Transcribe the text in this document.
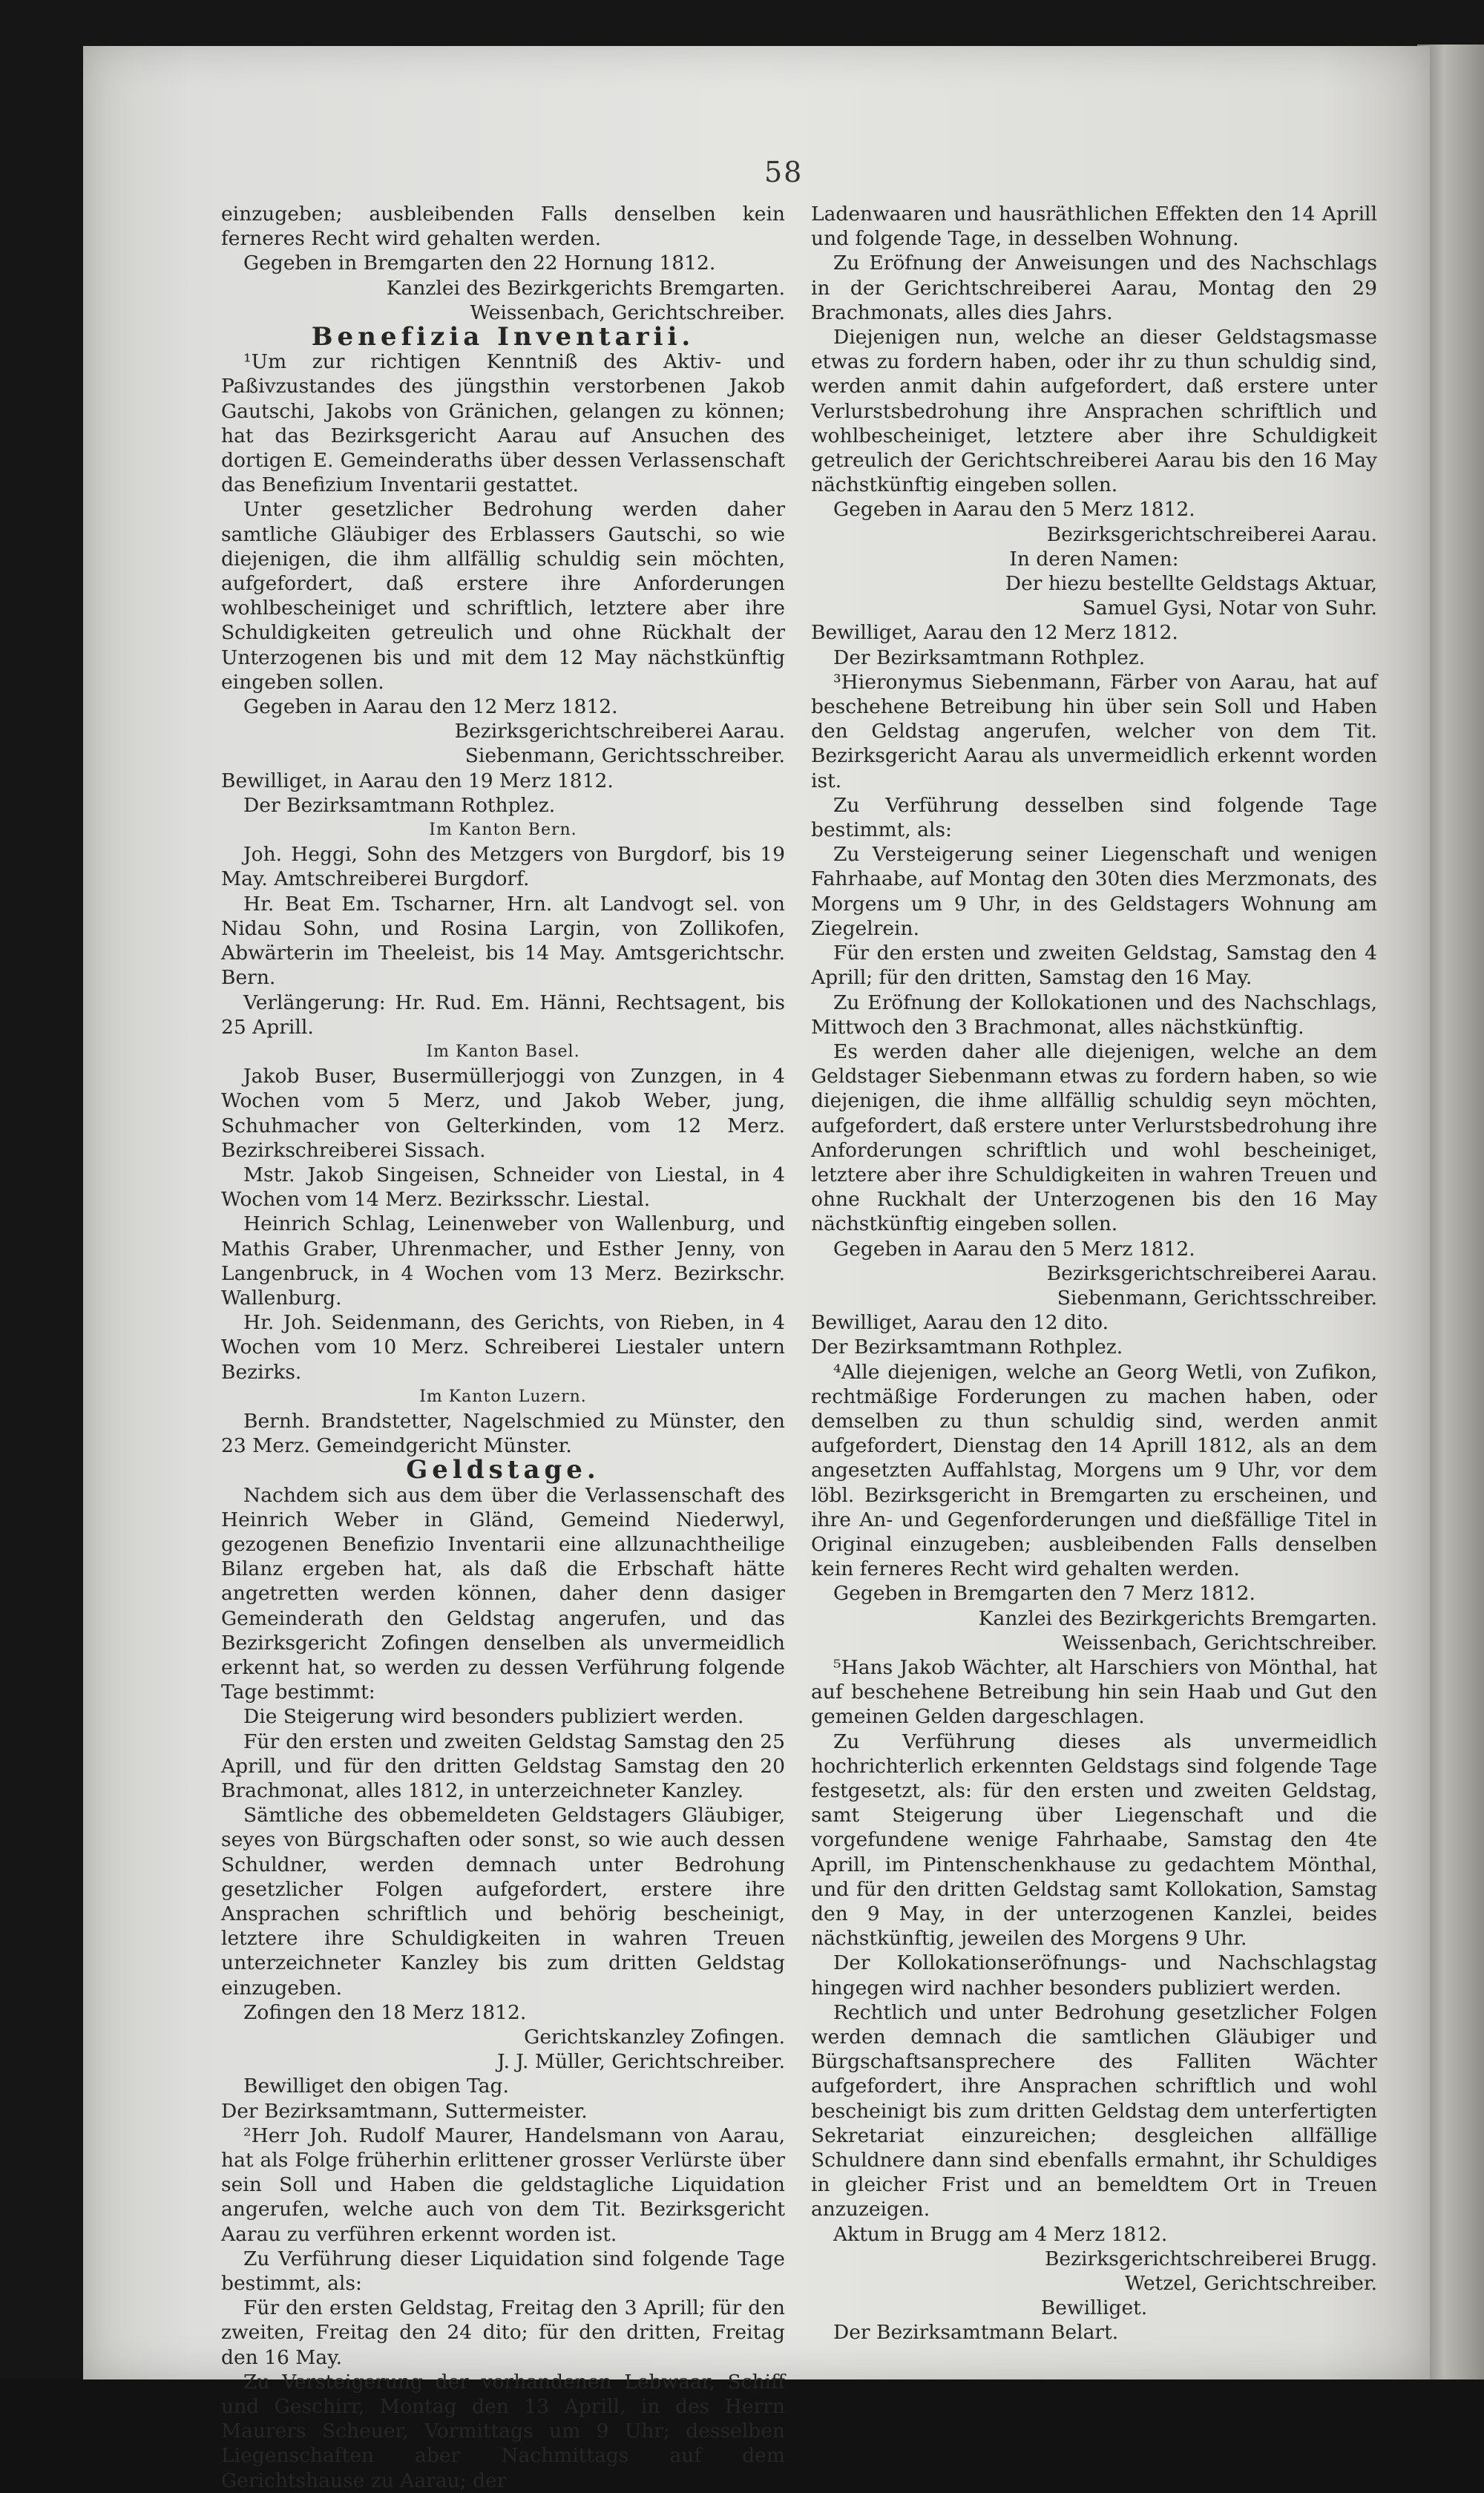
58

einzugeben; ausbleibenden Falls denselben kein ferneres Recht wird gehalten werden.

Gegeben in Bremgarten den 22 Hornung 1812.

Kanzlei des Bezirkgerichts Bremgarten.

Weissenbach, Gerichtschreiber.

Benefizia Inventarii.

¹Um zur richtigen Kenntniß des Aktiv- und Paßivzustandes des jüngsthin verstorbenen Jakob Gautschi, Jakobs von Gränichen, gelangen zu können; hat das Bezirksgericht Aarau auf Ansuchen des dortigen E. Gemeinderaths über dessen Verlassenschaft das Benefizium Inventarii gestattet.

Unter gesetzlicher Bedrohung werden daher samtliche Gläubiger des Erblassers Gautschi, so wie diejenigen, die ihm allfällig schuldig sein möchten, aufgefordert, daß erstere ihre Anforderungen wohlbescheiniget und schriftlich, letztere aber ihre Schuldigkeiten getreulich und ohne Rückhalt der Unterzogenen bis und mit dem 12 May nächstkünftig eingeben sollen.

Gegeben in Aarau den 12 Merz 1812.

Bezirksgerichtschreiberei Aarau.

Siebenmann, Gerichtsschreiber.

Bewilliget, in Aarau den 19 Merz 1812.

Der Bezirksamtmann Rothplez.

Im Kanton Bern.

Joh. Heggi, Sohn des Metzgers von Burgdorf, bis 19 May. Amtschreiberei Burgdorf.

Hr. Beat Em. Tscharner, Hrn. alt Landvogt sel. von Nidau Sohn, und Rosina Largin, von Zollikofen, Abwärterin im Theeleist, bis 14 May. Amtsgerichtschr. Bern.

Verlängerung: Hr. Rud. Em. Hänni, Rechtsagent, bis 25 Aprill.

Im Kanton Basel.

Jakob Buser, Busermüllerjoggi von Zunzgen, in 4 Wochen vom 5 Merz, und Jakob Weber, jung, Schuhmacher von Gelterkinden, vom 12 Merz. Bezirkschreiberei Sissach.

Mstr. Jakob Singeisen, Schneider von Liestal, in 4 Wochen vom 14 Merz. Bezirksschr. Liestal.

Heinrich Schlag, Leinenweber von Wallenburg, und Mathis Graber, Uhrenmacher, und Esther Jenny, von Langenbruck, in 4 Wochen vom 13 Merz. Bezirkschr. Wallenburg.

Hr. Joh. Seidenmann, des Gerichts, von Rieben, in 4 Wochen vom 10 Merz. Schreiberei Liestaler untern Bezirks.

Im Kanton Luzern.

Bernh. Brandstetter, Nagelschmied zu Münster, den 23 Merz. Gemeindgericht Münster.

Geldstage.

Nachdem sich aus dem über die Verlassenschaft des Heinrich Weber in Gländ, Gemeind Niederwyl, gezogenen Benefizio Inventarii eine allzunachtheilige Bilanz ergeben hat, als daß die Erbschaft hätte angetretten werden können, daher denn dasiger Gemeinderath den Geldstag angerufen, und das Bezirksgericht Zofingen denselben als unvermeidlich erkennt hat, so werden zu dessen Verführung folgende Tage bestimmt:

Die Steigerung wird besonders publiziert werden.

Für den ersten und zweiten Geldstag Samstag den 25 Aprill, und für den dritten Geldstag Samstag den 20 Brachmonat, alles 1812, in unterzeichneter Kanzley.

Sämtliche des obbemeldeten Geldstagers Gläubiger, seyes von Bürgschaften oder sonst, so wie auch dessen Schuldner, werden demnach unter Bedrohung gesetzlicher Folgen aufgefordert, erstere ihre Ansprachen schriftlich und behörig bescheinigt, letztere ihre Schuldigkeiten in wahren Treuen unterzeichneter Kanzley bis zum dritten Geldstag einzugeben.

Zofingen den 18 Merz 1812.

Gerichtskanzley Zofingen.

J. J. Müller, Gerichtschreiber.

Bewilliget den obigen Tag.

Der Bezirksamtmann, Suttermeister.

²Herr Joh. Rudolf Maurer, Handelsmann von Aarau, hat als Folge früherhin erlittener grosser Verlürste über sein Soll und Haben die geldstagliche Liquidation angerufen, welche auch von dem Tit. Bezirksgericht Aarau zu verführen erkennt worden ist.

Zu Verführung dieser Liquidation sind folgende Tage bestimmt, als:

Für den ersten Geldstag, Freitag den 3 Aprill; für den zweiten, Freitag den 24 dito; für den dritten, Freitag den 16 May.

Zu Versteigerung der vorhandenen Lebwaar, Schiff und Geschirr, Montag den 13 Aprill, in des Herrn Maurers Scheuer, Vormittags um 9 Uhr; desselben Liegenschaften aber Nachmittags auf dem Gerichtshause zu Aarau; der

Ladenwaaren und hausräthlichen Effekten den 14 Aprill und folgende Tage, in desselben Wohnung.

Zu Eröfnung der Anweisungen und des Nachschlags in der Gerichtschreiberei Aarau, Montag den 29 Brachmonats, alles dies Jahrs.

Diejenigen nun, welche an dieser Geldstagsmasse etwas zu fordern haben, oder ihr zu thun schuldig sind, werden anmit dahin aufgefordert, daß erstere unter Verlurstsbedrohung ihre Ansprachen schriftlich und wohlbescheiniget, letztere aber ihre Schuldigkeit getreulich der Gerichtschreiberei Aarau bis den 16 May nächstkünftig eingeben sollen.

Gegeben in Aarau den 5 Merz 1812.

Bezirksgerichtschreiberei Aarau.

In deren Namen:

Der hiezu bestellte Geldstags Aktuar,

Samuel Gysi, Notar von Suhr.

Bewilliget, Aarau den 12 Merz 1812.

Der Bezirksamtmann Rothplez.

³Hieronymus Siebenmann, Färber von Aarau, hat auf beschehene Betreibung hin über sein Soll und Haben den Geldstag angerufen, welcher von dem Tit. Bezirksgericht Aarau als unvermeidlich erkennt worden ist.

Zu Verführung desselben sind folgende Tage bestimmt, als:

Zu Versteigerung seiner Liegenschaft und wenigen Fahrhaabe, auf Montag den 30ten dies Merzmonats, des Morgens um 9 Uhr, in des Geldstagers Wohnung am Ziegelrein.

Für den ersten und zweiten Geldstag, Samstag den 4 Aprill; für den dritten, Samstag den 16 May.

Zu Eröfnung der Kollokationen und des Nachschlags, Mittwoch den 3 Brachmonat, alles nächstkünftig.

Es werden daher alle diejenigen, welche an dem Geldstager Siebenmann etwas zu fordern haben, so wie diejenigen, die ihme allfällig schuldig seyn möchten, aufgefordert, daß erstere unter Verlurstsbedrohung ihre Anforderungen schriftlich und wohl bescheiniget, letztere aber ihre Schuldigkeiten in wahren Treuen und ohne Ruckhalt der Unterzogenen bis den 16 May nächstkünftig eingeben sollen.

Gegeben in Aarau den 5 Merz 1812.

Bezirksgerichtschreiberei Aarau.

Siebenmann, Gerichtsschreiber.

Bewilliget, Aarau den 12 dito.

Der Bezirksamtmann Rothplez.

⁴Alle diejenigen, welche an Georg Wetli, von Zufikon, rechtmäßige Forderungen zu machen haben, oder demselben zu thun schuldig sind, werden anmit aufgefordert, Dienstag den 14 Aprill 1812, als an dem angesetzten Auffahlstag, Morgens um 9 Uhr, vor dem löbl. Bezirksgericht in Bremgarten zu erscheinen, und ihre An- und Gegenforderungen und dießfällige Titel in Original einzugeben; ausbleibenden Falls denselben kein ferneres Recht wird gehalten werden.

Gegeben in Bremgarten den 7 Merz 1812.

Kanzlei des Bezirkgerichts Bremgarten.

Weissenbach, Gerichtschreiber.

⁵Hans Jakob Wächter, alt Harschiers von Mönthal, hat auf beschehene Betreibung hin sein Haab und Gut den gemeinen Gelden dargeschlagen.

Zu Verführung dieses als unvermeidlich hochrichterlich erkennten Geldstags sind folgende Tage festgesetzt, als: für den ersten und zweiten Geldstag, samt Steigerung über Liegenschaft und die vorgefundene wenige Fahrhaabe, Samstag den 4te Aprill, im Pintenschenkhause zu gedachtem Mönthal, und für den dritten Geldstag samt Kollokation, Samstag den 9 May, in der unterzogenen Kanzlei, beides nächstkünftig, jeweilen des Morgens 9 Uhr.

Der Kollokationseröfnungs- und Nachschlagstag hingegen wird nachher besonders publiziert werden.

Rechtlich und unter Bedrohung gesetzlicher Folgen werden demnach die samtlichen Gläubiger und Bürgschaftsansprechere des Falliten Wächter aufgefordert, ihre Ansprachen schriftlich und wohl bescheinigt bis zum dritten Geldstag dem unterfertigten Sekretariat einzureichen; desgleichen allfällige Schuldnere dann sind ebenfalls ermahnt, ihr Schuldiges in gleicher Frist und an bemeldtem Ort in Treuen anzuzeigen.

Aktum in Brugg am 4 Merz 1812.

Bezirksgerichtschreiberei Brugg.

Wetzel, Gerichtschreiber.

Bewilliget.

Der Bezirksamtmann Belart.
